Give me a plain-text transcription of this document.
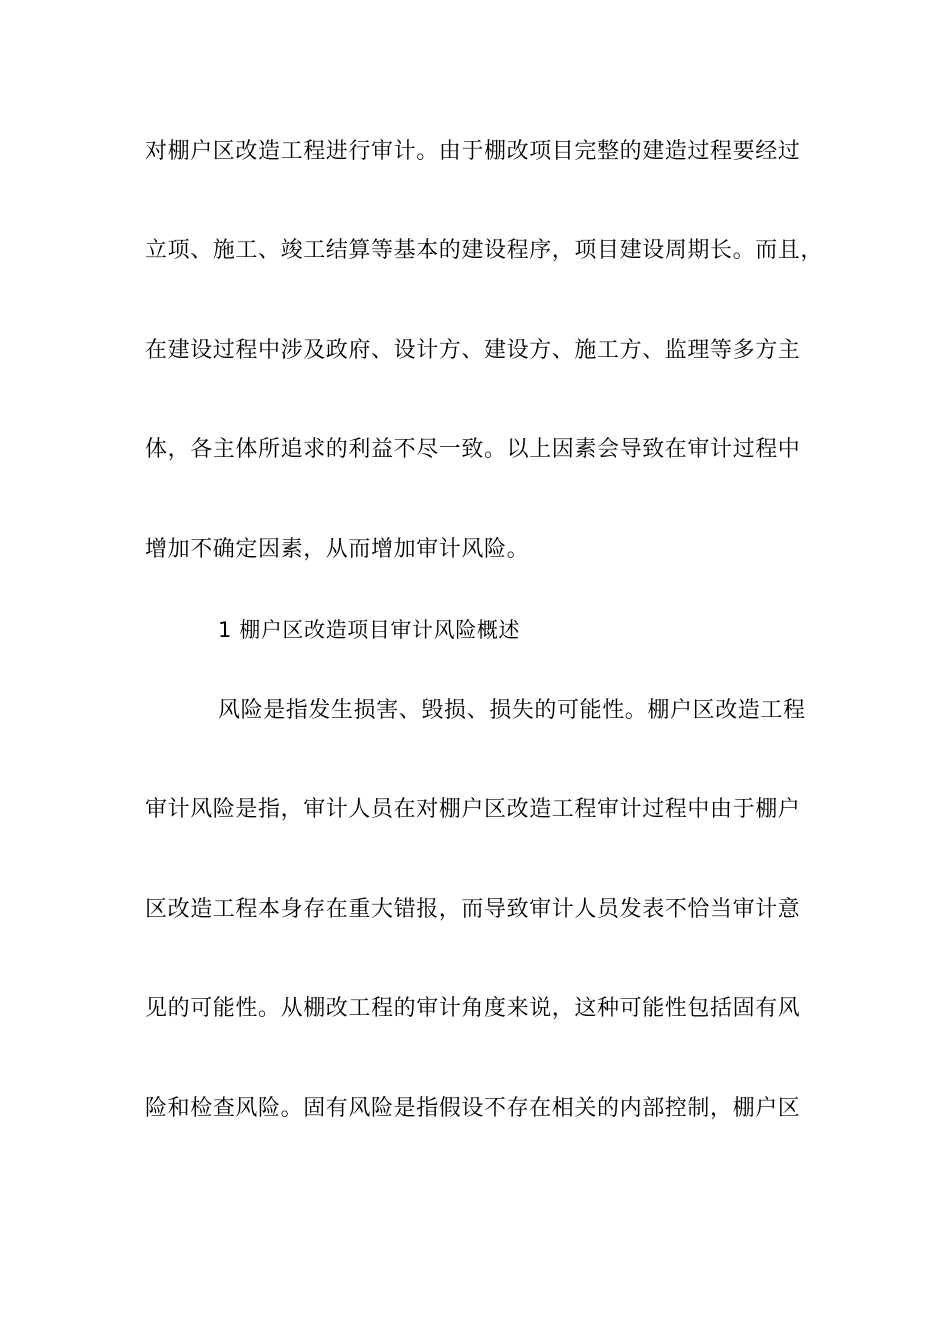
对棚户区改造工程进行审计。由于棚改项目完整的建造过程要经过
立项、施工、竣工结算等基本的建设程序，项目建设周期长。而且，
在建设过程中涉及政府、设计方、建设方、施工方、监理等多方主
体，各主体所追求的利益不尽一致。以上因素会导致在审计过程中
增加不确定因素，从而增加审计风险。
1 棚户区改造项目审计风险概述
风险是指发生损害、毁损、损失的可能性。棚户区改造工程
审计风险是指，审计人员在对棚户区改造工程审计过程中由于棚户
区改造工程本身存在重大错报，而导致审计人员发表不恰当审计意
见的可能性。从棚改工程的审计角度来说，这种可能性包括固有风
险和检查风险。固有风险是指假设不存在相关的内部控制，棚户区
